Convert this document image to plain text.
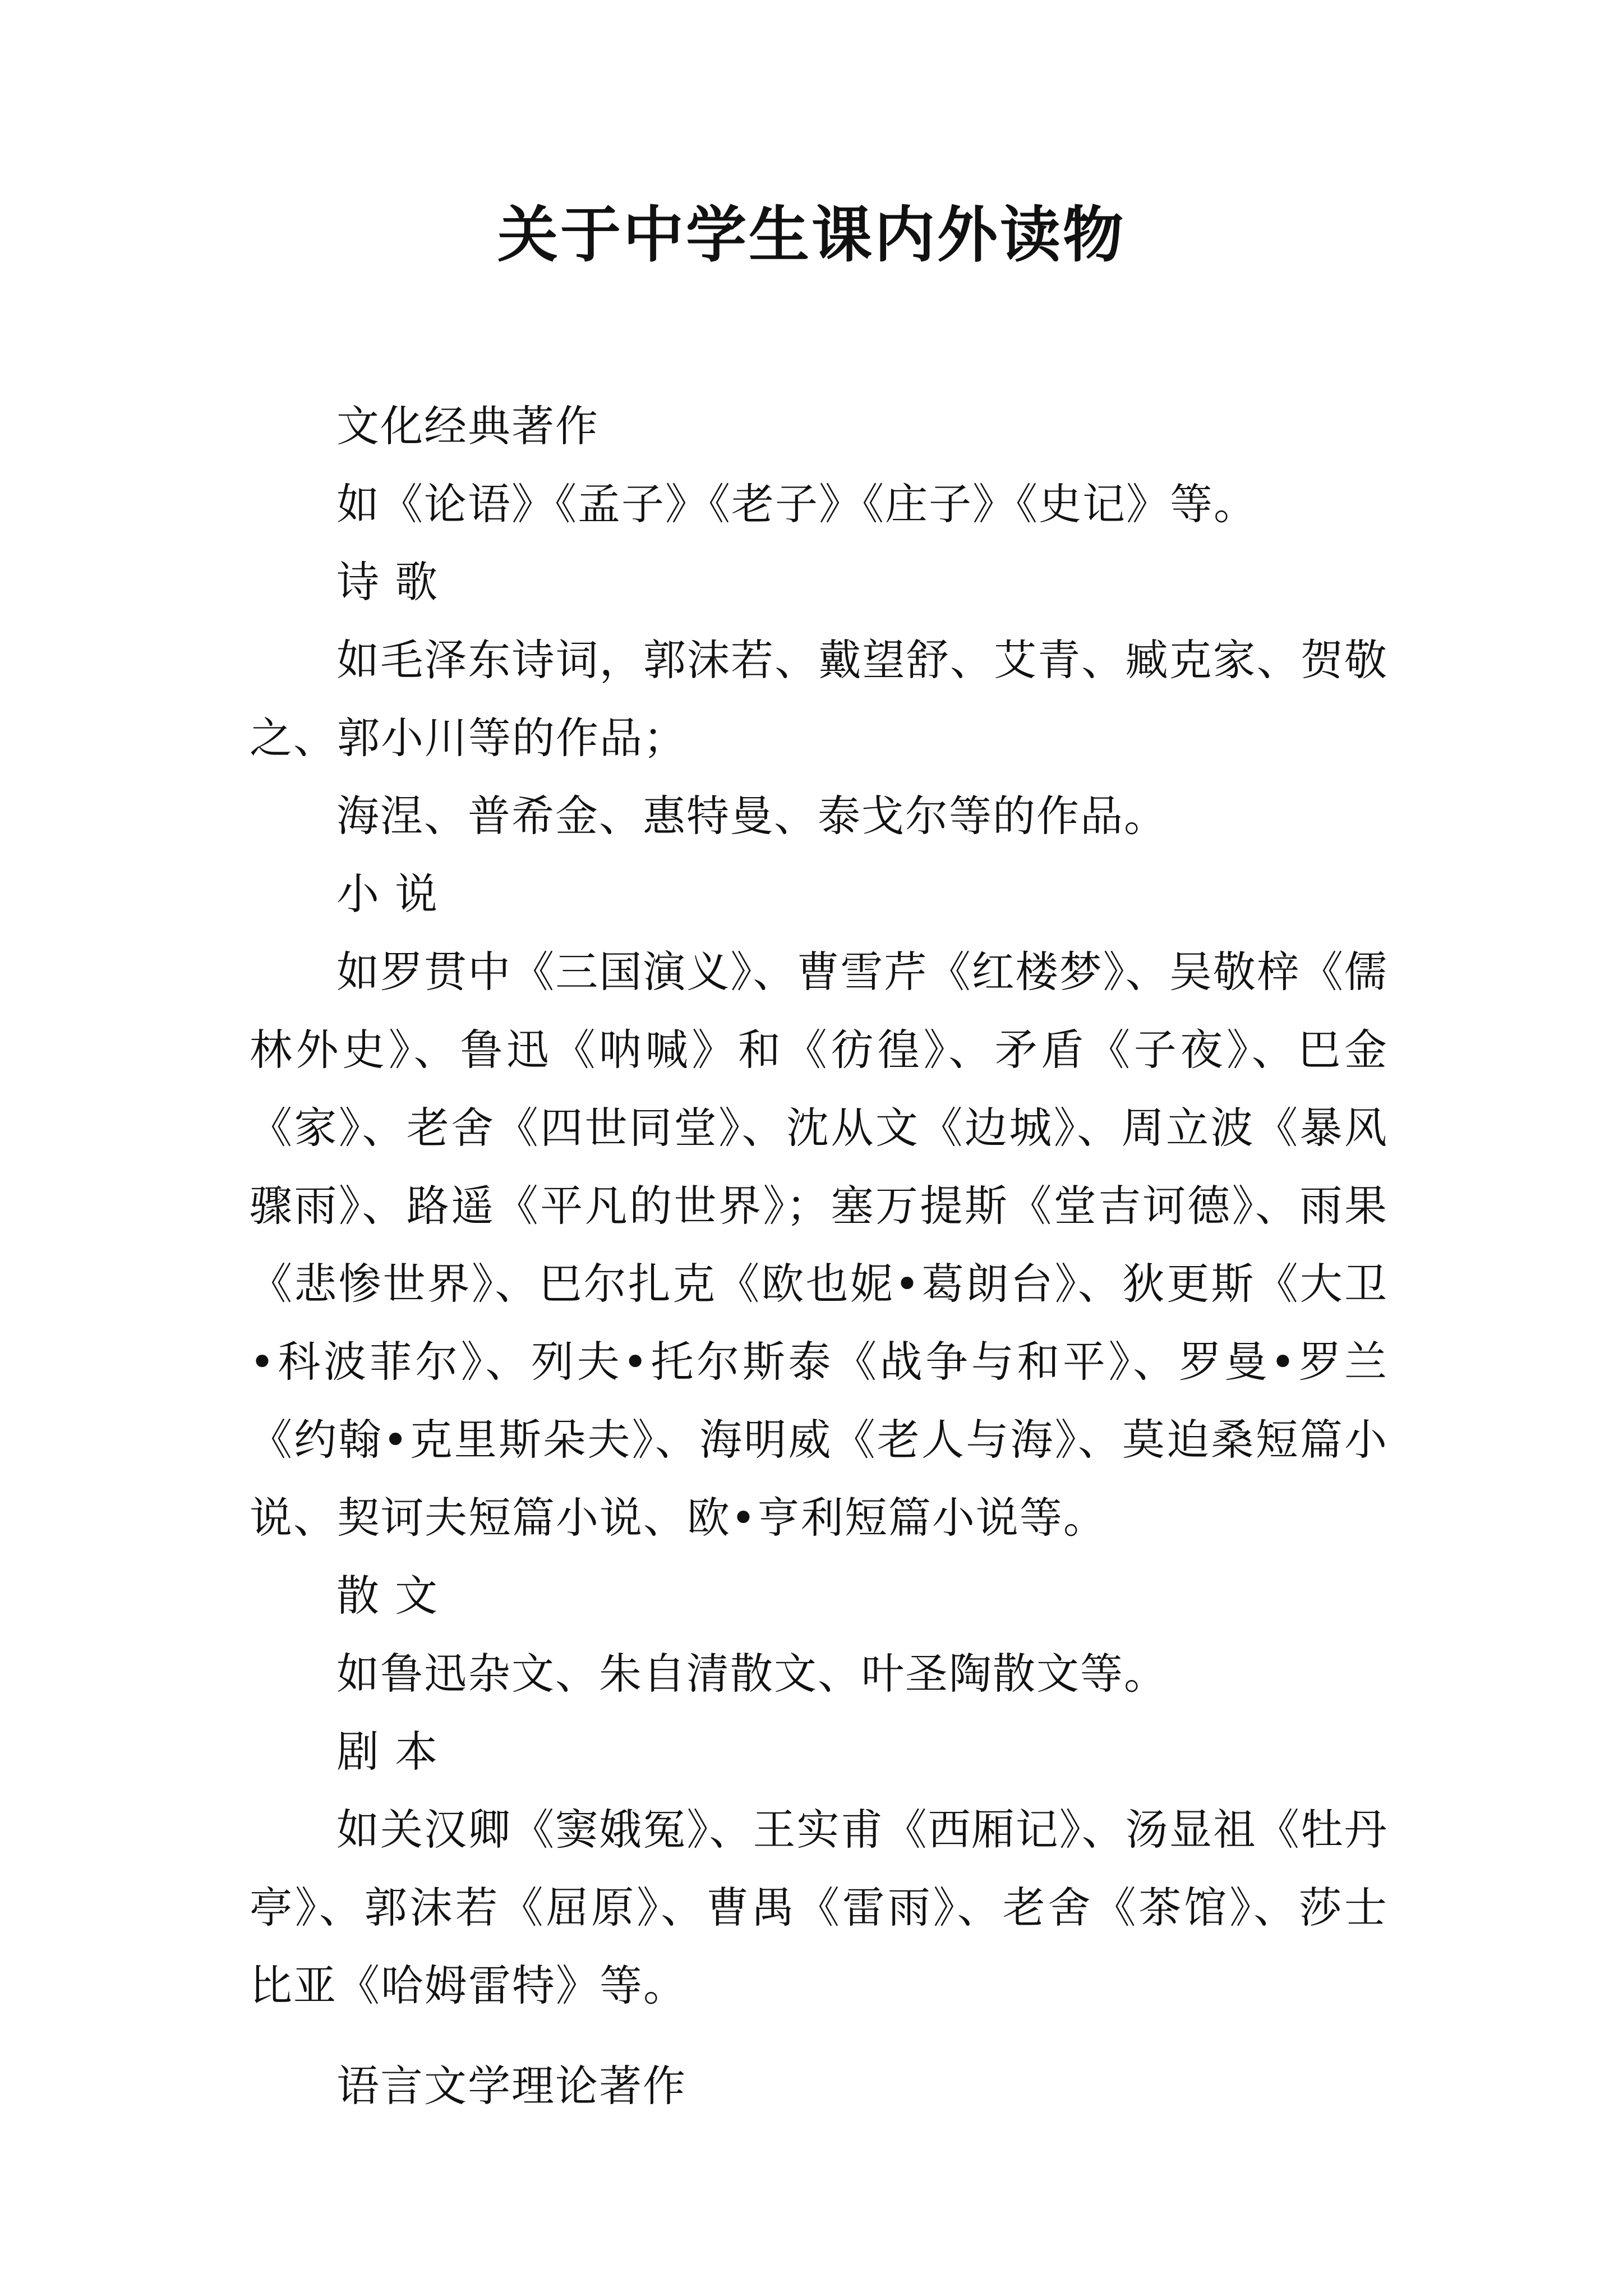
关于中学生课内外读物

文化经典著作

如《论语》《孟子》《老子》《庄子》《史记》等。

诗 歌

如毛泽东诗词，郭沫若、戴望舒、艾青、臧克家、贺敬之、郭小川等的作品；

海涅、普希金、惠特曼、泰戈尔等的作品。

小 说

如罗贯中《三国演义》、曹雪芹《红楼梦》、吴敬梓《儒林外史》、鲁迅《呐喊》和《彷徨》、矛盾《子夜》、巴金《家》、老舍《四世同堂》、沈从文《边城》、周立波《暴风骤雨》、路遥《平凡的世界》；塞万提斯《堂吉诃德》、雨果《悲惨世界》、巴尔扎克《欧也妮•葛朗台》、狄更斯《大卫•科波菲尔》、列夫•托尔斯泰《战争与和平》、罗曼•罗兰《约翰•克里斯朵夫》、海明威《老人与海》、莫迫桑短篇小说、契诃夫短篇小说、欧•亨利短篇小说等。

散 文

如鲁迅杂文、朱自清散文、叶圣陶散文等。

剧 本

如关汉卿《窦娥冤》、王实甫《西厢记》、汤显祖《牡丹亭》、郭沫若《屈原》、曹禺《雷雨》、老舍《茶馆》、莎士比亚《哈姆雷特》等。

语言文学理论著作
